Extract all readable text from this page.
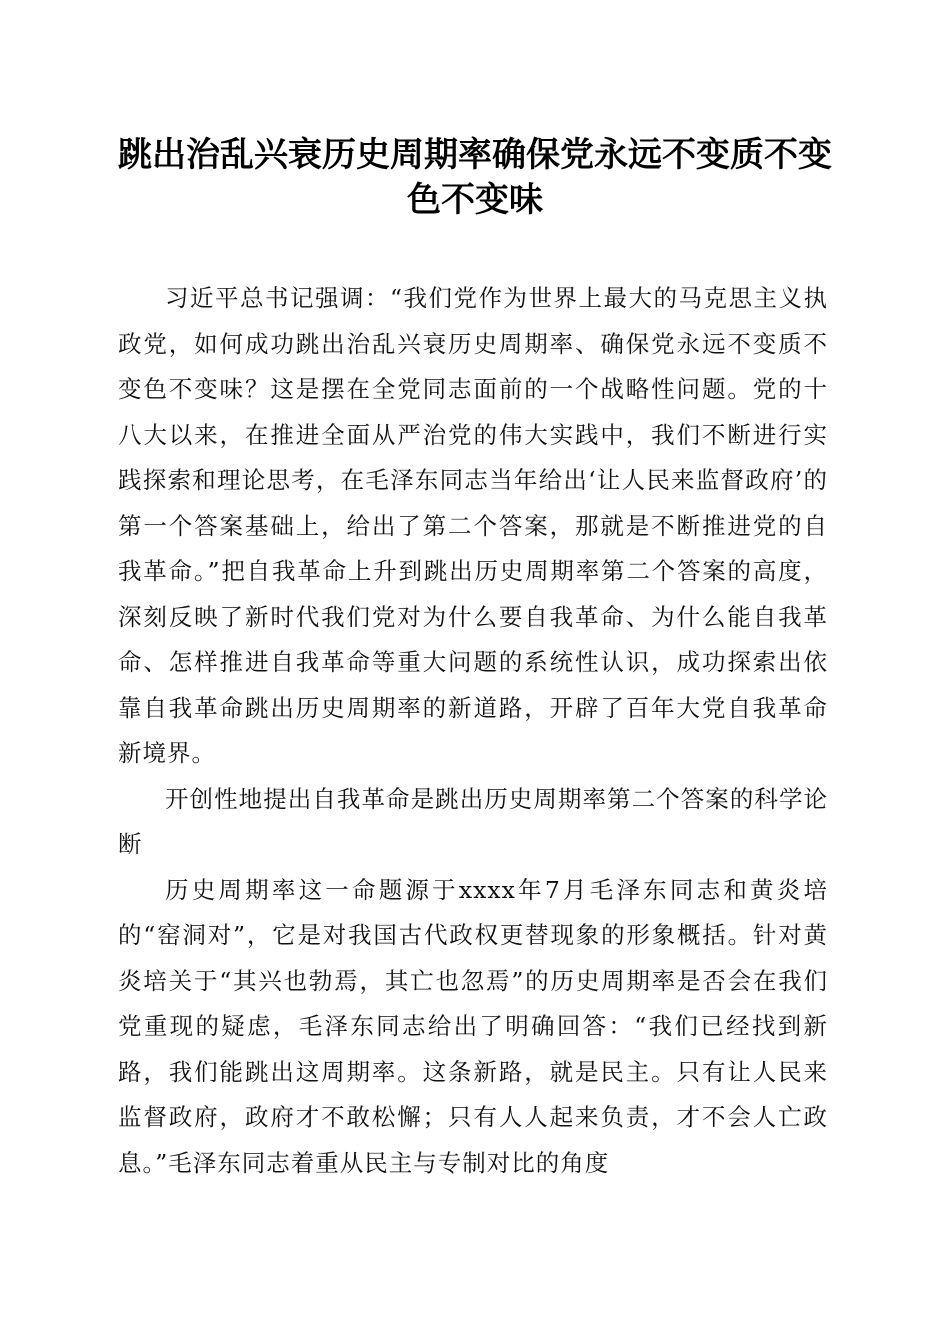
跳出治乱兴衰历史周期率确保党永远不变质不变色不变味

习近平总书记强调：“我们党作为世界上最大的马克思主义执政党，如何成功跳出治乱兴衰历史周期率、确保党永远不变质不变色不变味？这是摆在全党同志面前的一个战略性问题。党的十八大以来，在推进全面从严治党的伟大实践中，我们不断进行实践探索和理论思考，在毛泽东同志当年给出‘让人民来监督政府’的第一个答案基础上，给出了第二个答案，那就是不断推进党的自我革命。”把自我革命上升到跳出历史周期率第二个答案的高度，深刻反映了新时代我们党对为什么要自我革命、为什么能自我革命、怎样推进自我革命等重大问题的系统性认识，成功探索出依靠自我革命跳出历史周期率的新道路，开辟了百年大党自我革命新境界。

开创性地提出自我革命是跳出历史周期率第二个答案的科学论断

历史周期率这一命题源于xxxx年7月毛泽东同志和黄炎培的“窑洞对”，它是对我国古代政权更替现象的形象概括。针对黄炎培关于“其兴也勃焉，其亡也忽焉”的历史周期率是否会在我们党重现的疑虑，毛泽东同志给出了明确回答：“我们已经找到新路，我们能跳出这周期率。这条新路，就是民主。只有让人民来监督政府，政府才不敢松懈；只有人人起来负责，才不会人亡政息。”毛泽东同志着重从民主与专制对比的角度
